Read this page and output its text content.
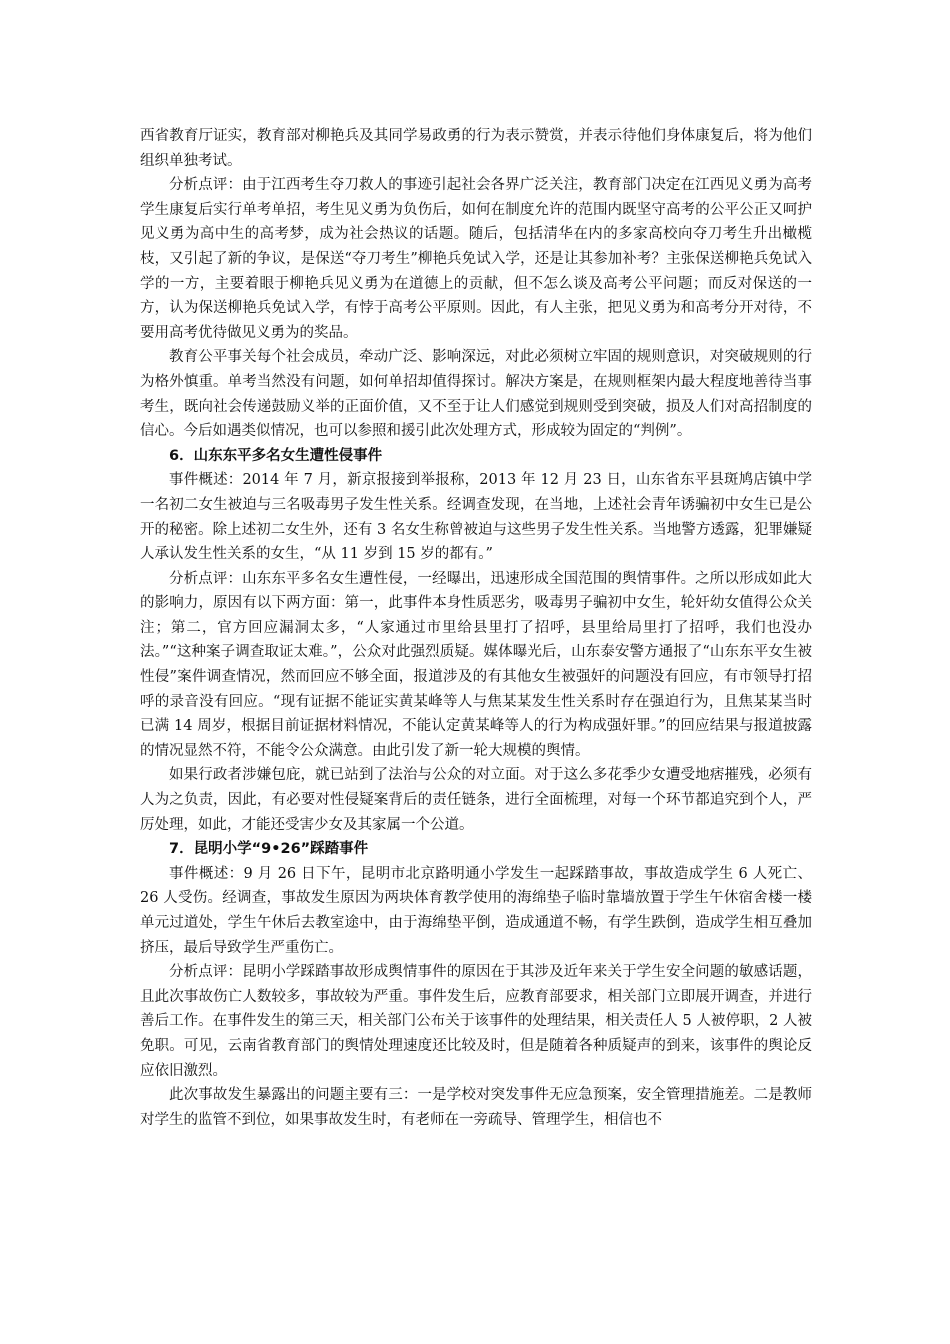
西省教育厅证实，教育部对柳艳兵及其同学易政勇的行为表示赞赏，并表示待他们身体康复后，将为他们组织单独考试。

分析点评：由于江西考生夺刀救人的事迹引起社会各界广泛关注，教育部门决定在江西见义勇为高考学生康复后实行单考单招，考生见义勇为负伤后，如何在制度允许的范围内既坚守高考的公平公正又呵护见义勇为高中生的高考梦，成为社会热议的话题。随后，包括清华在内的多家高校向夺刀考生升出橄榄枝，又引起了新的争议，是保送“夺刀考生”柳艳兵免试入学，还是让其参加补考？主张保送柳艳兵免试入学的一方，主要着眼于柳艳兵见义勇为在道德上的贡献，但不怎么谈及高考公平问题；而反对保送的一方，认为保送柳艳兵免试入学，有悖于高考公平原则。因此，有人主张，把见义勇为和高考分开对待，不要用高考优待做见义勇为的奖品。

教育公平事关每个社会成员，牵动广泛、影响深远，对此必须树立牢固的规则意识，对突破规则的行为格外慎重。单考当然没有问题，如何单招却值得探讨。解决方案是，在规则框架内最大程度地善待当事考生，既向社会传递鼓励义举的正面价值，又不至于让人们感觉到规则受到突破，损及人们对高招制度的信心。今后如遇类似情况，也可以参照和援引此次处理方式，形成较为固定的“判例”。

6．山东东平多名女生遭性侵事件

事件概述：2014 年 7 月，新京报接到举报称，2013 年 12 月 23 日，山东省东平县斑鸠店镇中学一名初二女生被迫与三名吸毒男子发生性关系。经调查发现，在当地，上述社会青年诱骗初中女生已是公开的秘密。除上述初二女生外，还有 3 名女生称曾被迫与这些男子发生性关系。当地警方透露，犯罪嫌疑人承认发生性关系的女生，“从 11 岁到 15 岁的都有。”

分析点评：山东东平多名女生遭性侵，一经曝出，迅速形成全国范围的舆情事件。之所以形成如此大的影响力，原因有以下两方面：第一，此事件本身性质恶劣，吸毒男子骗初中女生，轮奸幼女值得公众关注；第二，官方回应漏洞太多，“人家通过市里给县里打了招呼，县里给局里打了招呼，我们也没办法。”“这种案子调查取证太难。”，公众对此强烈质疑。媒体曝光后，山东泰安警方通报了“山东东平女生被性侵”案件调查情况，然而回应不够全面，报道涉及的有其他女生被强奸的问题没有回应，有市领导打招呼的录音没有回应。“现有证据不能证实黄某峰等人与焦某某发生性关系时存在强迫行为，且焦某某当时已满 14 周岁，根据目前证据材料情况，不能认定黄某峰等人的行为构成强奸罪。”的回应结果与报道披露的情况显然不符，不能令公众满意。由此引发了新一轮大规模的舆情。

如果行政者涉嫌包庇，就已站到了法治与公众的对立面。对于这么多花季少女遭受地痞摧残，必须有人为之负责，因此，有必要对性侵疑案背后的责任链条，进行全面梳理，对每一个环节都追究到个人，严厉处理，如此，才能还受害少女及其家属一个公道。

7．昆明小学“9•26”踩踏事件

事件概述：9 月 26 日下午，昆明市北京路明通小学发生一起踩踏事故，事故造成学生 6 人死亡、26 人受伤。经调查，事故发生原因为两块体育教学使用的海绵垫子临时靠墙放置于学生午休宿舍楼一楼单元过道处，学生午休后去教室途中，由于海绵垫平倒，造成通道不畅，有学生跌倒，造成学生相互叠加挤压，最后导致学生严重伤亡。

分析点评：昆明小学踩踏事故形成舆情事件的原因在于其涉及近年来关于学生安全问题的敏感话题，且此次事故伤亡人数较多，事故较为严重。事件发生后，应教育部要求，相关部门立即展开调查，并进行善后工作。在事件发生的第三天，相关部门公布关于该事件的处理结果，相关责任人 5 人被停职，2 人被免职。可见，云南省教育部门的舆情处理速度还比较及时，但是随着各种质疑声的到来，该事件的舆论反应依旧激烈。

此次事故发生暴露出的问题主要有三：一是学校对突发事件无应急预案，安全管理措施差。二是教师对学生的监管不到位，如果事故发生时，有老师在一旁疏导、管理学生，相信也不
